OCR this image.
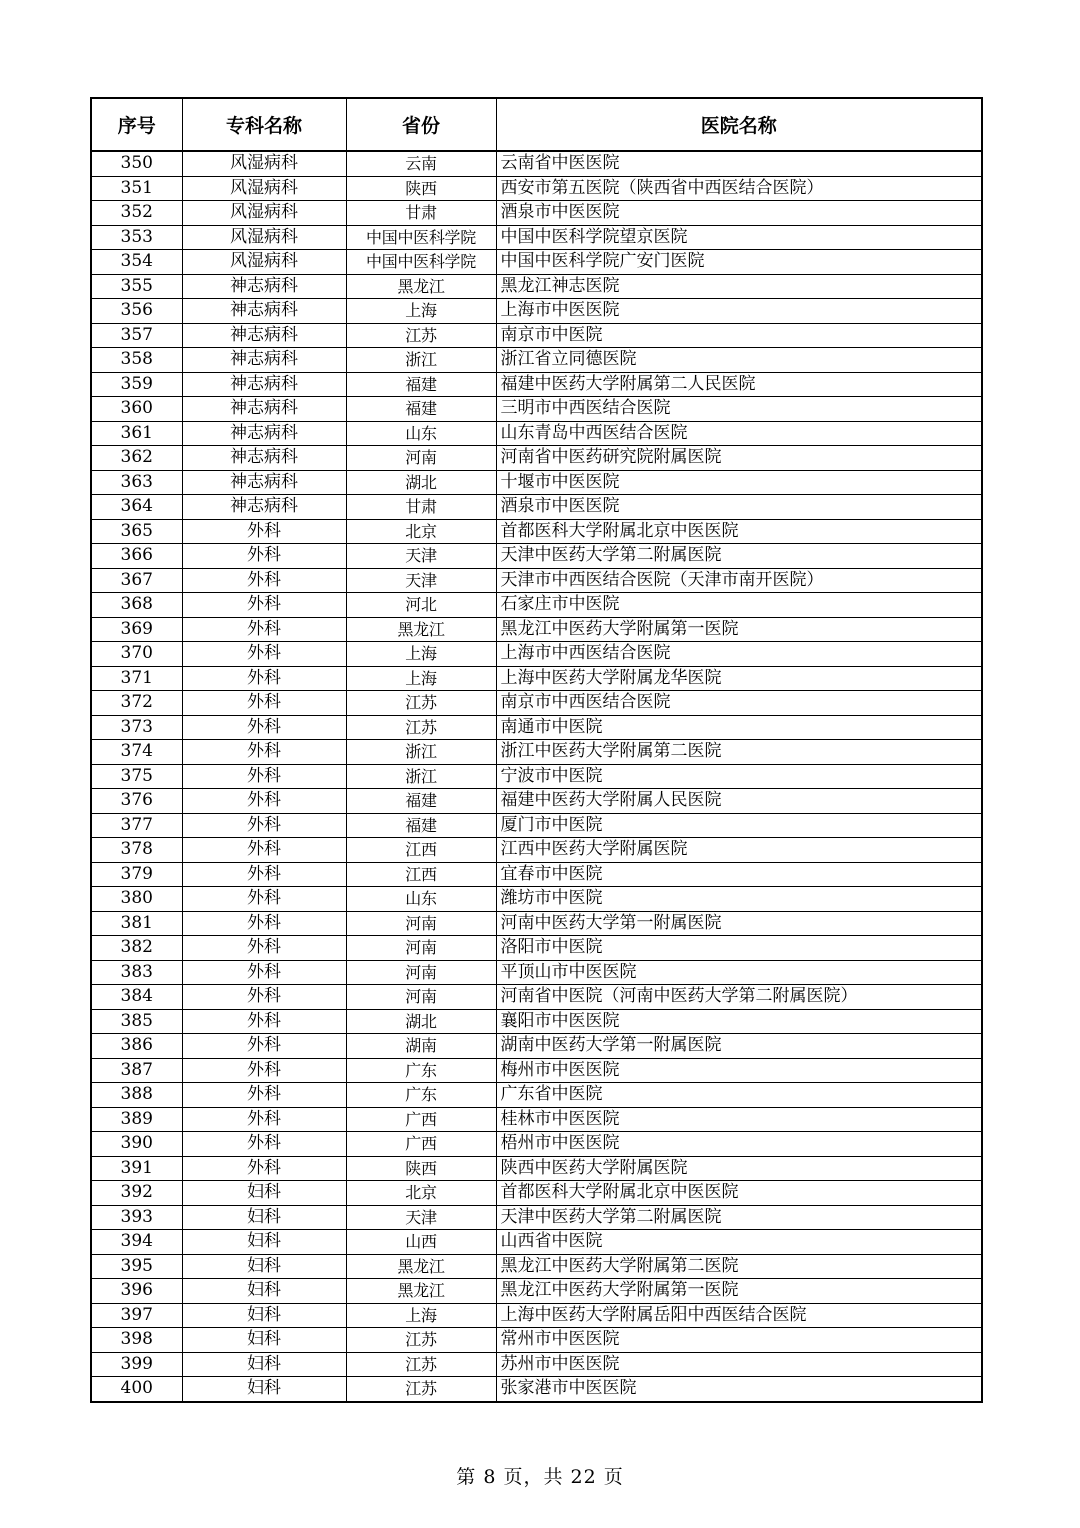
序号	专科名称	省份	医院名称
350	风湿病科	云南	云南省中医医院
351	风湿病科	陕西	西安市第五医院（陕西省中西医结合医院）
352	风湿病科	甘肃	酒泉市中医医院
353	风湿病科	中国中医科学院	中国中医科学院望京医院
354	风湿病科	中国中医科学院	中国中医科学院广安门医院
355	神志病科	黑龙江	黑龙江神志医院
356	神志病科	上海	上海市中医医院
357	神志病科	江苏	南京市中医院
358	神志病科	浙江	浙江省立同德医院
359	神志病科	福建	福建中医药大学附属第二人民医院
360	神志病科	福建	三明市中西医结合医院
361	神志病科	山东	山东青岛中西医结合医院
362	神志病科	河南	河南省中医药研究院附属医院
363	神志病科	湖北	十堰市中医医院
364	神志病科	甘肃	酒泉市中医医院
365	外科	北京	首都医科大学附属北京中医医院
366	外科	天津	天津中医药大学第二附属医院
367	外科	天津	天津市中西医结合医院（天津市南开医院）
368	外科	河北	石家庄市中医院
369	外科	黑龙江	黑龙江中医药大学附属第一医院
370	外科	上海	上海市中西医结合医院
371	外科	上海	上海中医药大学附属龙华医院
372	外科	江苏	南京市中西医结合医院
373	外科	江苏	南通市中医院
374	外科	浙江	浙江中医药大学附属第二医院
375	外科	浙江	宁波市中医院
376	外科	福建	福建中医药大学附属人民医院
377	外科	福建	厦门市中医院
378	外科	江西	江西中医药大学附属医院
379	外科	江西	宜春市中医院
380	外科	山东	潍坊市中医院
381	外科	河南	河南中医药大学第一附属医院
382	外科	河南	洛阳市中医院
383	外科	河南	平顶山市中医医院
384	外科	河南	河南省中医院（河南中医药大学第二附属医院）
385	外科	湖北	襄阳市中医医院
386	外科	湖南	湖南中医药大学第一附属医院
387	外科	广东	梅州市中医医院
388	外科	广东	广东省中医院
389	外科	广西	桂林市中医医院
390	外科	广西	梧州市中医医院
391	外科	陕西	陕西中医药大学附属医院
392	妇科	北京	首都医科大学附属北京中医医院
393	妇科	天津	天津中医药大学第二附属医院
394	妇科	山西	山西省中医院
395	妇科	黑龙江	黑龙江中医药大学附属第二医院
396	妇科	黑龙江	黑龙江中医药大学附属第一医院
397	妇科	上海	上海中医药大学附属岳阳中西医结合医院
398	妇科	江苏	常州市中医医院
399	妇科	江苏	苏州市中医医院
400	妇科	江苏	张家港市中医医院
第 8 页，共 22 页
